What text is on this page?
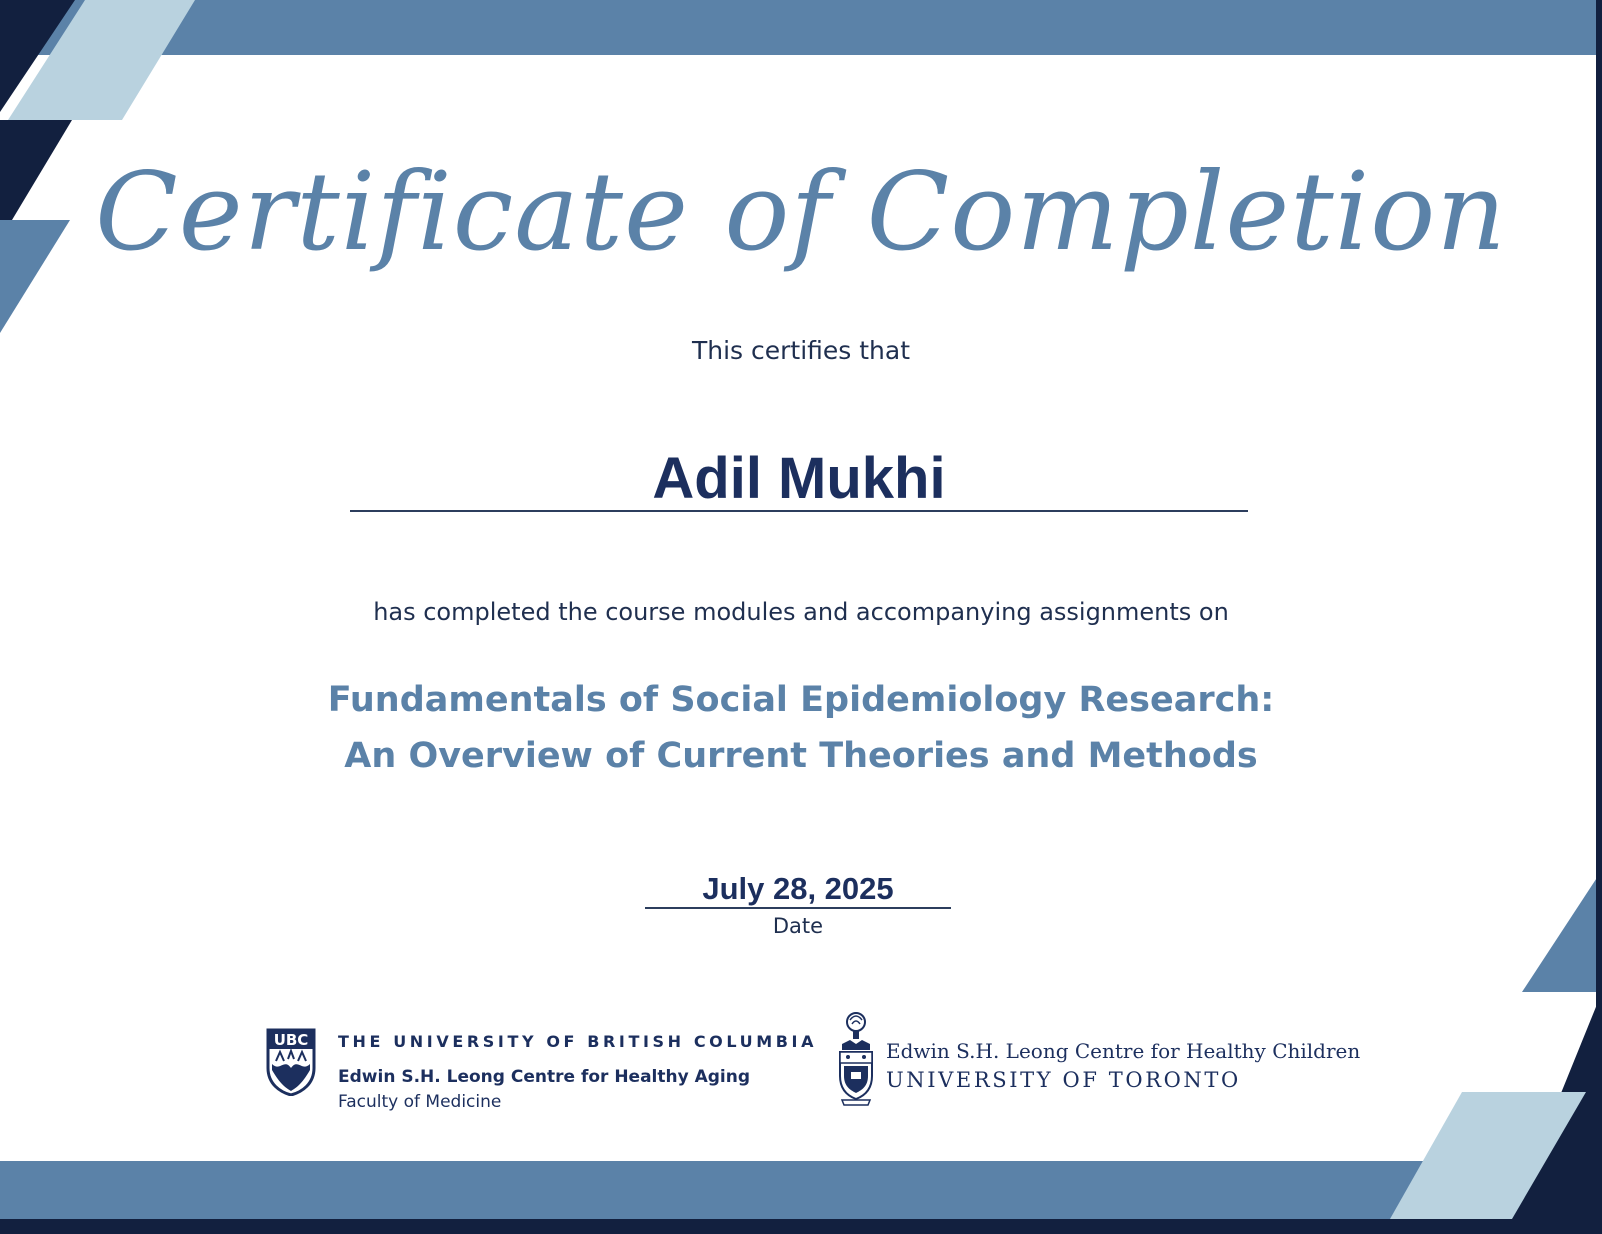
Certificate of Completion
This certifies that
Adil Mukhi
has completed the course modules and accompanying assignments on
Fundamentals of Social Epidemiology Research:
An Overview of Current Theories and Methods
July 28, 2025
Date
UBC THE UNIVERSITY OF BRITISH COLUMBIA
Edwin S.H. Leong Centre for Healthy Aging
Faculty of Medicine
Edwin S.H. Leong Centre for Healthy Children
UNIVERSITY OF TORONTO
